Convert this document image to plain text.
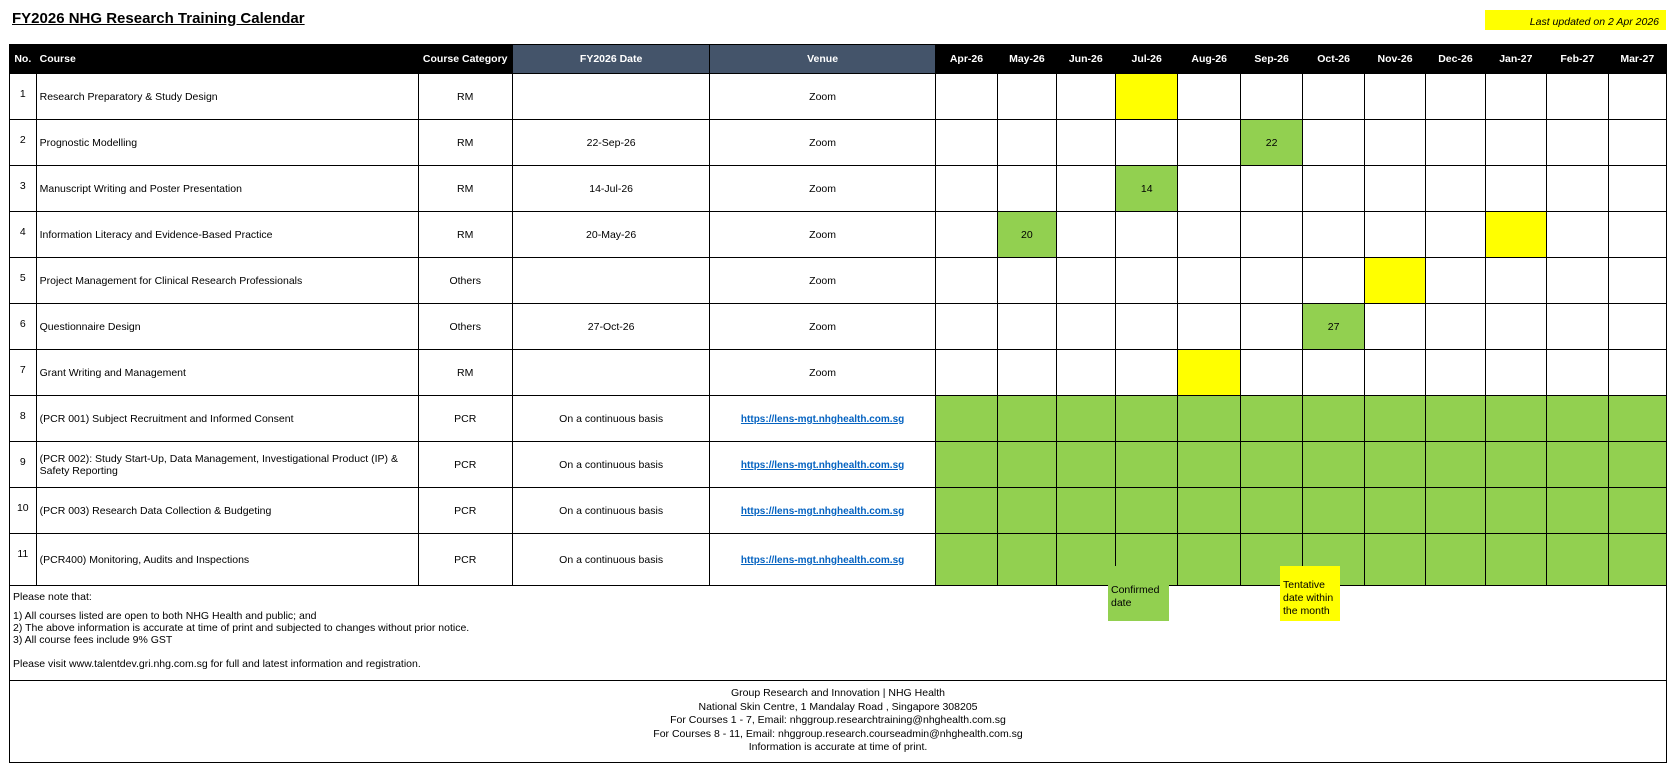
FY2026 NHG Research Training Calendar	Last updated on 2 Apr 2026
No.	Course	Course Category	FY2026 Date	Venue	Apr-26	May-26	Jun-26	Jul-26	Aug-26	Sep-26	Oct-26	Nov-26	Dec-26	Jan-27	Feb-27	Mar-27
1	Research Preparatory & Study Design	RM		Zoom												
2	Prognostic Modelling	RM	22-Sep-26	Zoom						22						
3	Manuscript Writing and Poster Presentation	RM	14-Jul-26	Zoom				14								
4	Information Literacy and Evidence-Based Practice	RM	20-May-26	Zoom		20										
5	Project Management for Clinical Research Professionals	Others		Zoom												
6	Questionnaire Design	Others	27-Oct-26	Zoom							27					
7	Grant Writing and Management	RM		Zoom												
8	(PCR 001) Subject Recruitment and Informed Consent	PCR	On a continuous basis	https://lens-mgt.nhghealth.com.sg												
9	(PCR 002): Study Start-Up, Data Management, Investigational Product (IP) & Safety Reporting	PCR	On a continuous basis	https://lens-mgt.nhghealth.com.sg												
10	(PCR 003) Research Data Collection & Budgeting	PCR	On a continuous basis	https://lens-mgt.nhghealth.com.sg												
11	(PCR400) Monitoring, Audits and Inspections	PCR	On a continuous basis	https://lens-mgt.nhghealth.com.sg												
Please note that:
1) All courses listed are open to both NHG Health and public; and
2) The above information is accurate at time of print and subjected to changes without prior notice.
3) All course fees include 9% GST
Please visit www.talentdev.gri.nhg.com.sg for full and latest information and registration.
Confirmed date
Tentative date within the month
Group Research and Innovation | NHG Health
National Skin Centre, 1 Mandalay Road , Singapore 308205
For Courses 1 - 7, Email: nhggroup.researchtraining@nhghealth.com.sg
For Courses 8 - 11, Email: nhggroup.research.courseadmin@nhghealth.com.sg
Information is accurate at time of print.
